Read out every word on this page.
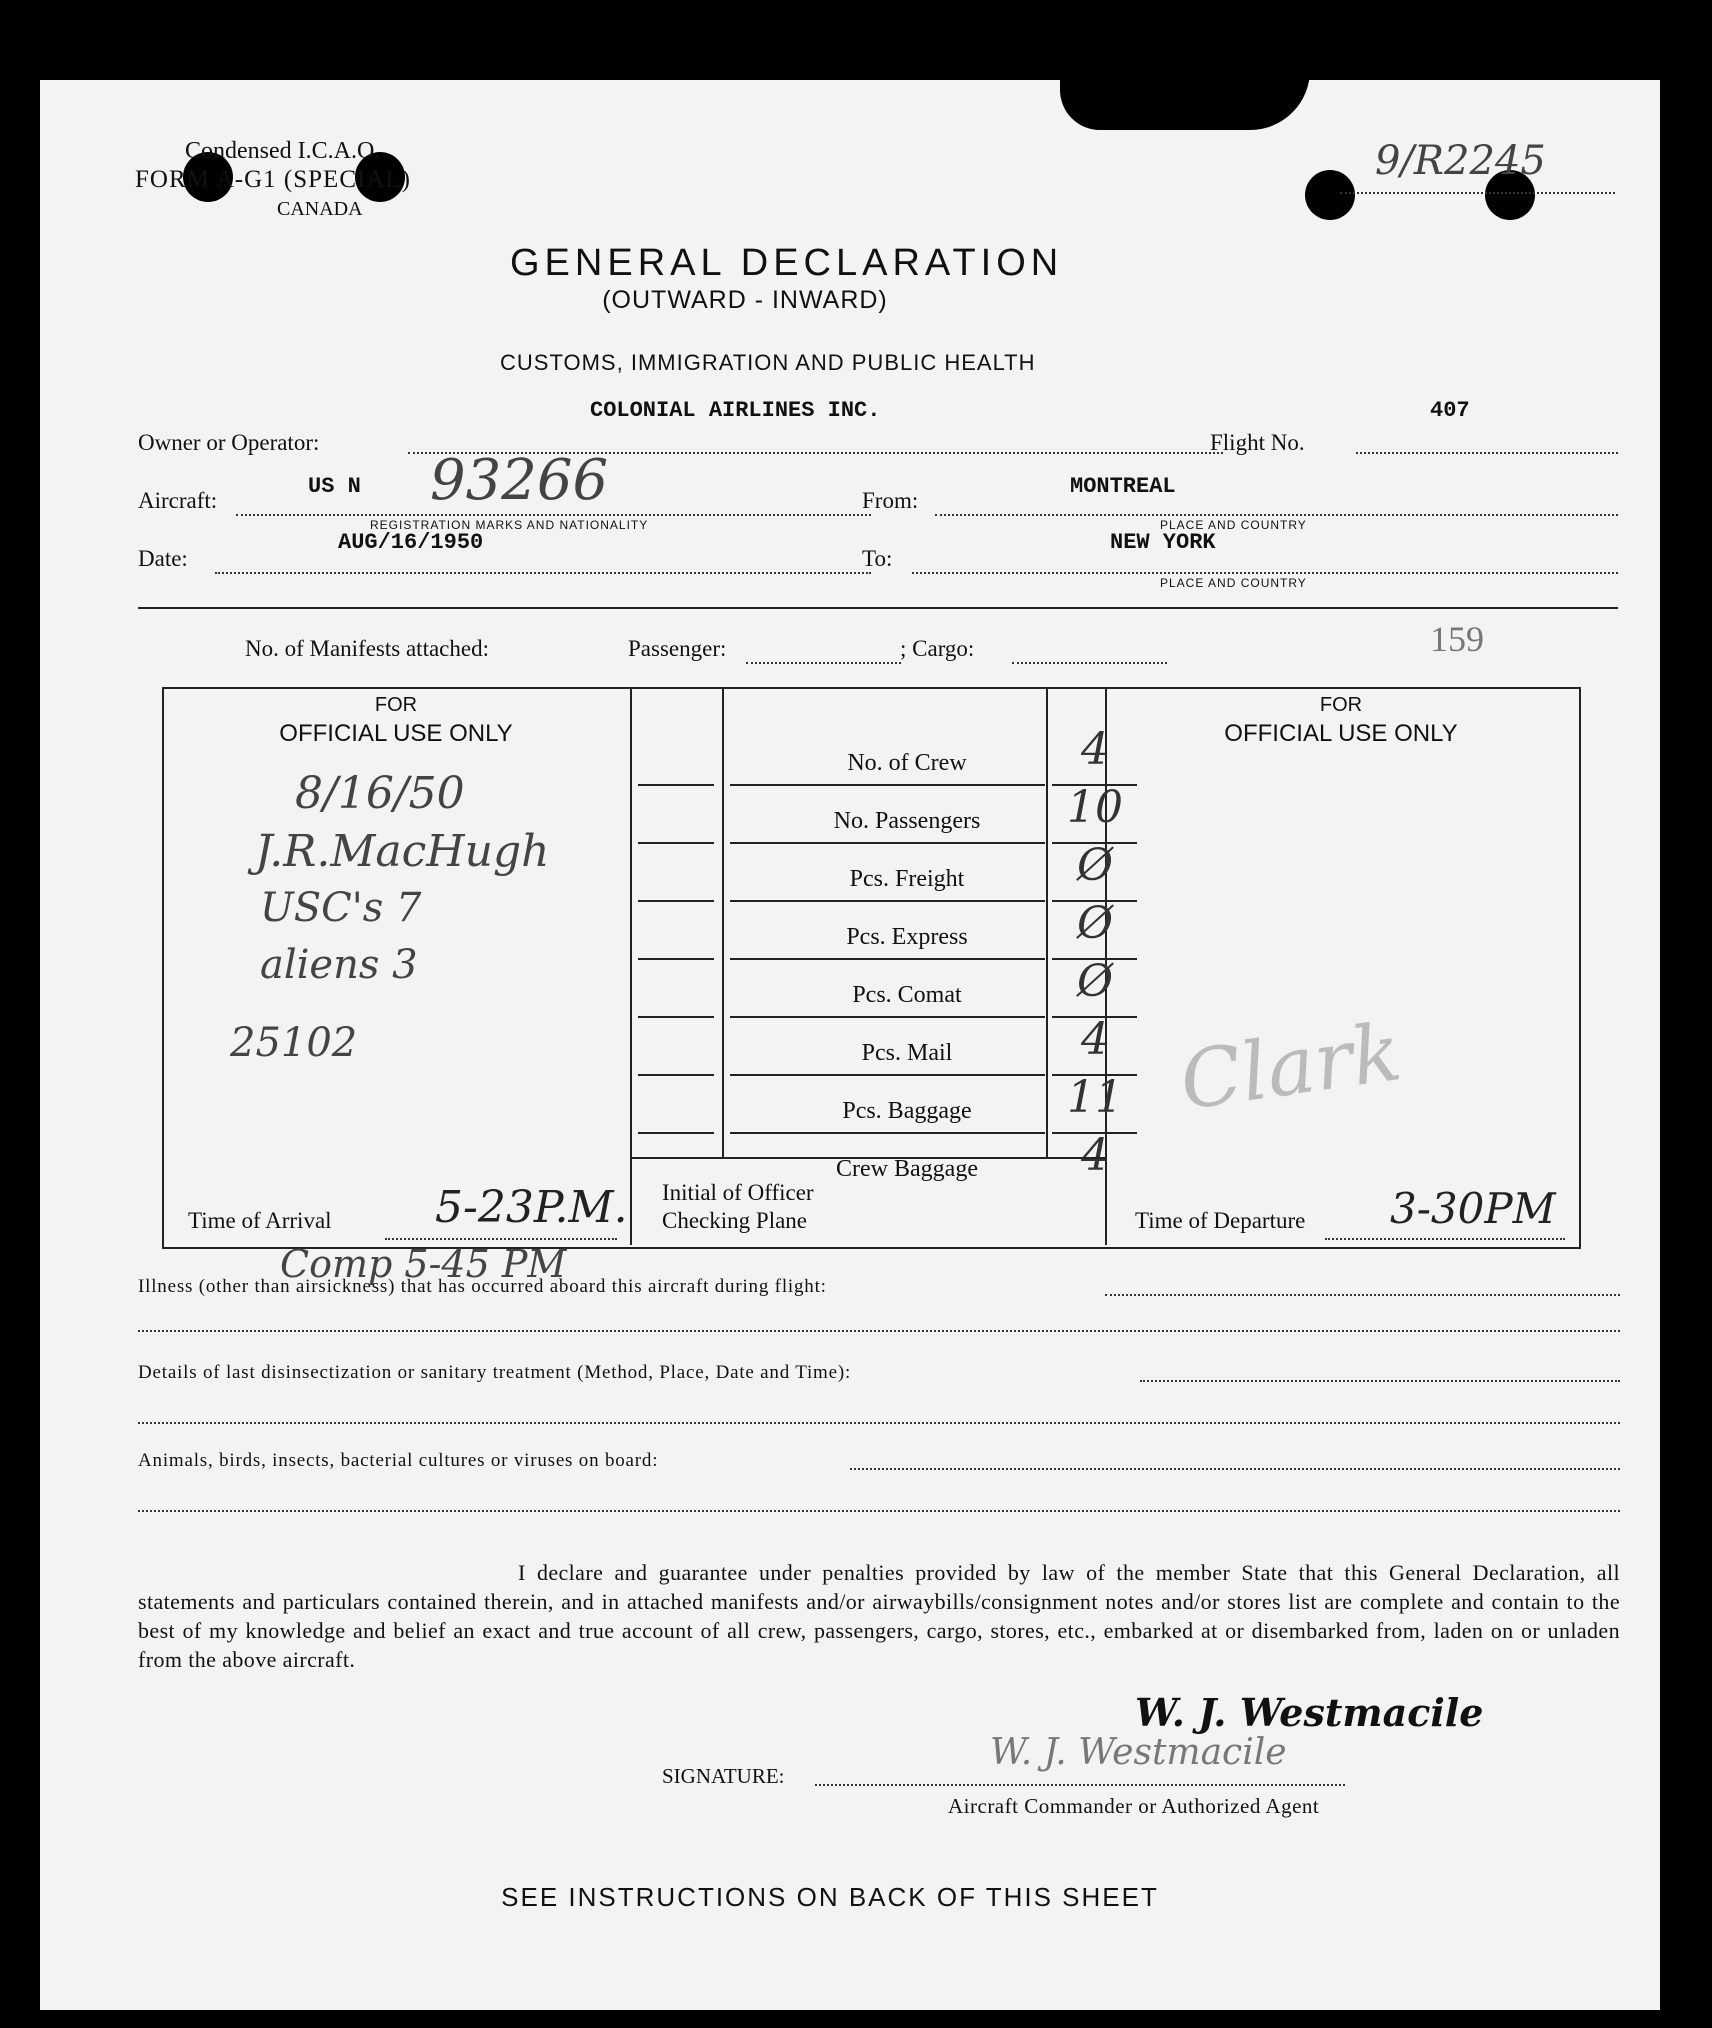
Condensed I.C.A.O.
FORM A-G1 (SPECIAL)
CANADA
9/R2245
GENERAL DECLARATION
(OUTWARD - INWARD)
CUSTOMS, IMMIGRATION AND PUBLIC HEALTH
Owner or Operator:
COLONIAL AIRLINES INC.
Flight No.
407
Aircraft:
US N 93266
REGISTRATION MARKS AND NATIONALITY
From:
MONTREAL
PLACE AND COUNTRY
Date:
AUG/16/1950
To:
NEW YORK
PLACE AND COUNTRY
No. of Manifests attached:	Passenger:	; Cargo:	159
FOR
OFFICIAL USE ONLY
8/16/50
J.R.MacHugh
USC's 7
aliens 3
25102
FOR
OFFICIAL USE ONLY
Clark
Time of Arrival 5-23P.M. Initial of Officer
Checking Plane	Time of Departure 3-30PM
Comp 5-45 PM
Illness (other than airsickness) that has occurred aboard this aircraft during flight:
Details of last disinsectization or sanitary treatment (Method, Place, Date and Time):
Animals, birds, insects, bacterial cultures or viruses on board:
I declare and guarantee under penalties provided by law of the member State that this General Declaration, all statements and particulars contained therein, and in attached manifests and/or airwaybills/consignment notes and/or stores list are complete and contain to the best of my knowledge and belief an exact and true account of all crew, passengers, cargo, stores, etc., embarked at or disembarked from, laden on or unladen from the above aircraft.
W. J. Westmacile
W. J. Westmacile
SIGNATURE:
Aircraft Commander or Authorized Agent
SEE INSTRUCTIONS ON BACK OF THIS SHEET
No. of Crew	4
No. Passengers	10
Pcs. Freight	Ø
Pcs. Express	Ø
Pcs. Comat	Ø
Pcs. Mail	4
Pcs. Baggage	11
Crew Baggage	4
